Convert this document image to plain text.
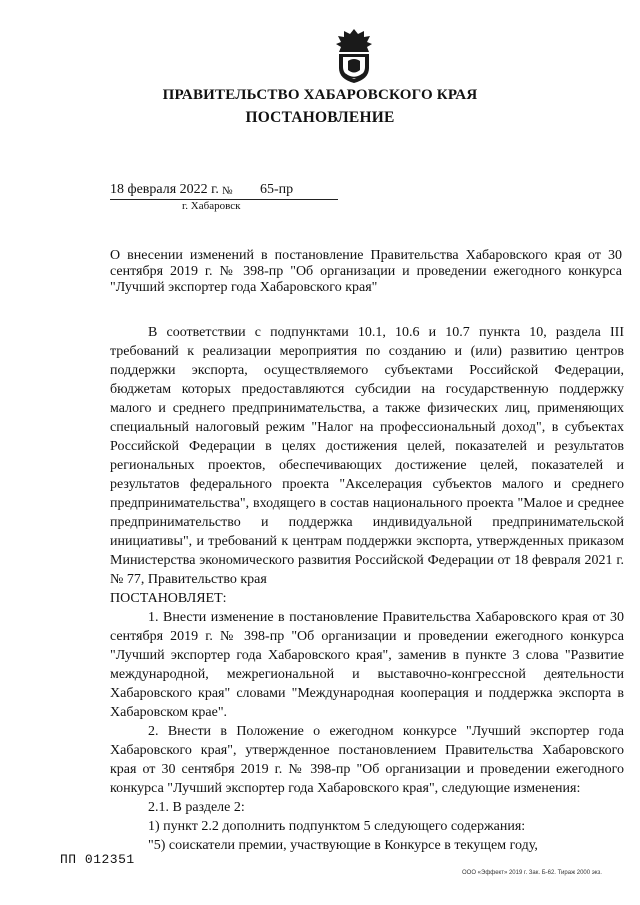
ПРАВИТЕЛЬСТВО ХАБАРОВСКОГО КРАЯ
ПОСТАНОВЛЕНИЕ
18 февраля 2022 г. № 65-пр
г. Хабаровск
О внесении изменений в постановление Правительства Хабаровского края от 30 сентября 2019 г. № 398-пр "Об организации и проведении ежегодного конкурса "Лучший экспортер года Хабаровского края"

В соответствии с подпунктами 10.1, 10.6 и 10.7 пункта 10, раздела III требований к реализации мероприятия по созданию и (или) развитию центров поддержки экспорта, осуществляемого субъектами Российской Федерации, бюджетам которых предоставляются субсидии на государственную поддержку малого и среднего предпринимательства, а также физических лиц, применяющих специальный налоговый режим "Налог на профессиональный доход", в субъектах Российской Федерации в целях достижения целей, показателей и результатов региональных проектов, обеспечивающих достижение целей, показателей и результатов федерального проекта "Акселерация субъектов малого и среднего предпринимательства", входящего в состав национального проекта "Малое и среднее предпринимательство и поддержка индивидуальной предпринимательской инициативы", и требований к центрам поддержки экспорта, утвержденных приказом Министерства экономического развития Российской Федерации от 18 февраля 2021 г. № 77, Правительство края

ПОСТАНОВЛЯЕТ:

1. Внести изменение в постановление Правительства Хабаровского края от 30 сентября 2019 г. № 398-пр "Об организации и проведении ежегодного конкурса "Лучший экспортер года Хабаровского края", заменив в пункте 3 слова "Развитие международной, межрегиональной и выставочно-конгрессной деятельности Хабаровского края" словами "Международная кооперация и поддержка экспорта в Хабаровском крае".

2. Внести в Положение о ежегодном конкурсе "Лучший экспортер года Хабаровского края", утвержденное постановлением Правительства Хабаровского края от 30 сентября 2019 г. № 398-пр "Об организации и проведении ежегодного конкурса "Лучший экспортер года Хабаровского края", следующие изменения:

2.1. В разделе 2:

1) пункт 2.2 дополнить подпунктом 5 следующего содержания:

"5) соискатели премии, участвующие в Конкурсе в текущем году,

ПП 012351
ООО «Эффект» 2019 г. Зак. Б-62. Тираж 2000 экз.
